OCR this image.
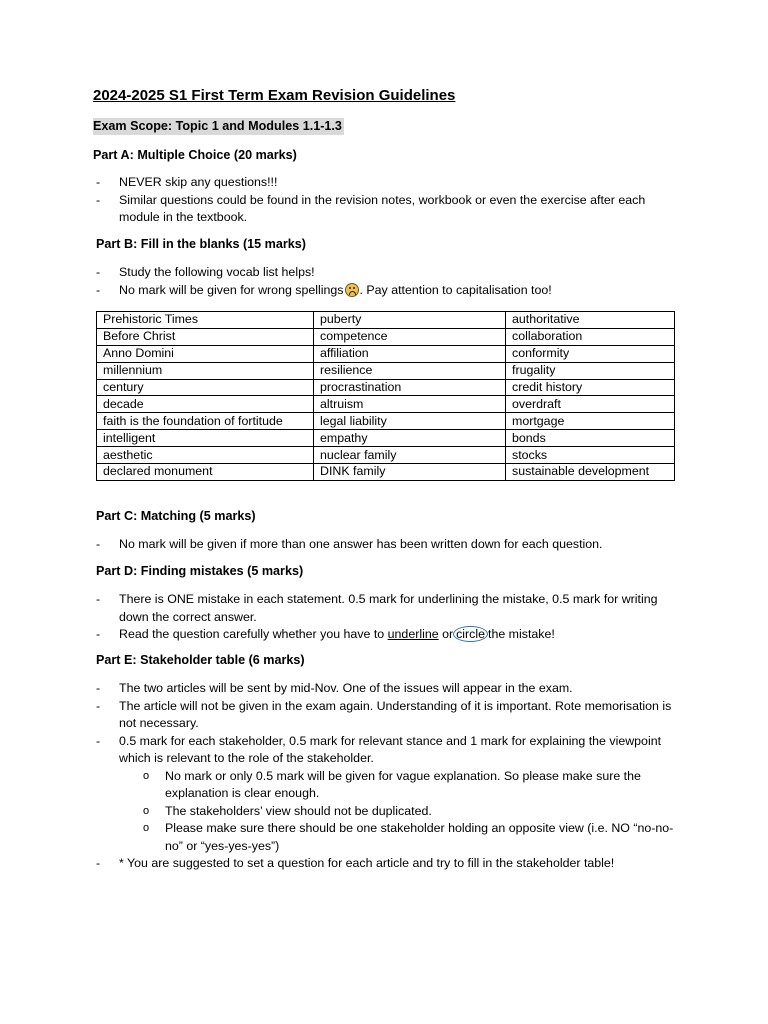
2024-2025 S1 First Term Exam Revision Guidelines
Exam Scope: Topic 1 and Modules 1.1-1.3
Part A: Multiple Choice (20 marks)
- NEVER skip any questions!!!
- Similar questions could be found in the revision notes, workbook or even the exercise after each module in the textbook.
Part B: Fill in the blanks (15 marks)
- Study the following vocab list helps!
- No mark will be given for wrong spellings . Pay attention to capitalisation too!
Prehistoric Times	puberty	authoritative
Before Christ	competence	collaboration
Anno Domini	affiliation	conformity
millennium	resilience	frugality
century	procrastination	credit history
decade	altruism	overdraft
faith is the foundation of fortitude	legal liability	mortgage
intelligent	empathy	bonds
aesthetic	nuclear family	stocks
declared monument	DINK family	sustainable development
Part C: Matching (5 marks)
- No mark will be given if more than one answer has been written down for each question.
Part D: Finding mistakes (5 marks)
- There is ONE mistake in each statement. 0.5 mark for underlining the mistake, 0.5 mark for writing down the correct answer.
- Read the question carefully whether you have to underline or circle the mistake!
Part E: Stakeholder table (6 marks)
- The two articles will be sent by mid-Nov. One of the issues will appear in the exam.
- The article will not be given in the exam again. Understanding of it is important. Rote memorisation is not necessary.
- 0.5 mark for each stakeholder, 0.5 mark for relevant stance and 1 mark for explaining the viewpoint which is relevant to the role of the stakeholder.
o No mark or only 0.5 mark will be given for vague explanation. So please make sure the explanation is clear enough.
o The stakeholders’ view should not be duplicated.
o Please make sure there should be one stakeholder holding an opposite view (i.e. NO “no-no-no” or “yes-yes-yes”)
- * You are suggested to set a question for each article and try to fill in the stakeholder table!
